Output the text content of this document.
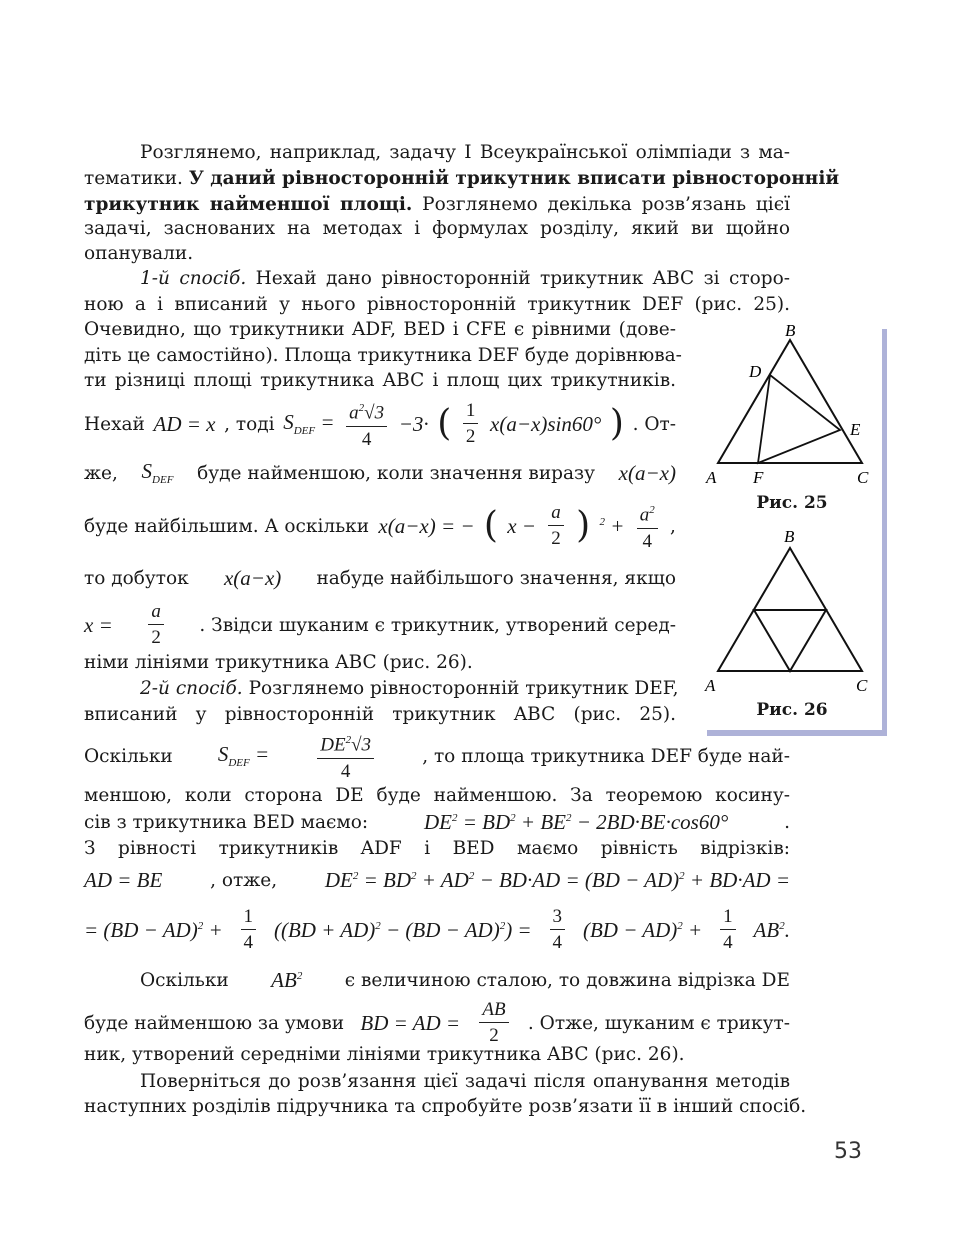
Розглянемо, наприклад, задачу І Всеукраїнської олімпіади з ма-

тематики. У даний рівносторонній трикутник вписати рівносторонній

трикутник найменшої площі. Розглянемо декілька розв’язань цієї

задачі, заснованих на методах і формулах розділу, який ви щойно

опанували.

1-й спосіб. Нехай дано рівносторонній трикутник ABC зі сторо-

ною a і вписаний у нього рівносторонній трикутник DEF (рис. 25).

Очевидно, що трикутники ADF, BED і CFE є рівними (дове-

діть це самостійно). Площа трикутника DEF буде дорівнюва-

ти різниці площі трикутника ABC і площ цих трикутників.

Нехай AD = x , тоді $S_{DEF} = \frac{a^2√3}{4} -3\cdot$ ( $\frac{1}{2} x(a-x)\sin 60^\circ$ ) . От-
же, $S_{DEF}$ буде найменшою, коли значення виразу x(a−x)
буде найбільшим. А оскільки x(a−x) = − ( $x - \frac{a}{2}$ ) $^2 + \frac{a^2}{4}$ ,
то добуток x(a−x) набуде найбільшого значення, якщо
$x = \frac{a}{2}$ . Звідси шуканим є трикутник, утворений серед-

німи лініями трикутника ABC (рис. 26).

2-й спосіб. Розглянемо рівносторонній трикутник DEF,

вписаний у рівносторонній трикутник ABC (рис. 25).

Оскільки $S_{DEF}$ =	$\frac{DE^2√3}{4}$	, то площа трикутника DEF буде най-

меншою, коли сторона DE буде найменшою. За теоремою косину-

сів з трикутника BED маємо:	$DE^2 = BD^2 + BE^2 - 2BD\cdot BE\cdot\cos 60^\circ$	.

З рівності трикутників ADF і BED маємо рівність відрізків:

AD = BE	, отже, $DE^2 = BD^2 + AD^2 - BD\cdot AD = (BD - AD)^2 + BD\cdot AD$ =
= $(BD - AD)^2 + \frac{1}{4} ((BD + AD)^2 - (BD - AD)^2) = \frac{3}{4} (BD - AD)^2 + \frac{1}{4} AB^2$.
Оскільки $AB^2$ є величиною сталою, то довжина відрізка DE
буде найменшою за умови BD = AD = $\frac{AB}{2}$ . Отже, шуканим є трикут-

ник, утворений середніми лініями трикутника ABC (рис. 26).

Поверніться до розв’язання цієї задачі після опанування методів

наступних розділів підручника та спробуйте розв’язати її в інший спосіб.

B
D
E
A F	C
Рис. 25
B
A	C
Рис. 26
53
